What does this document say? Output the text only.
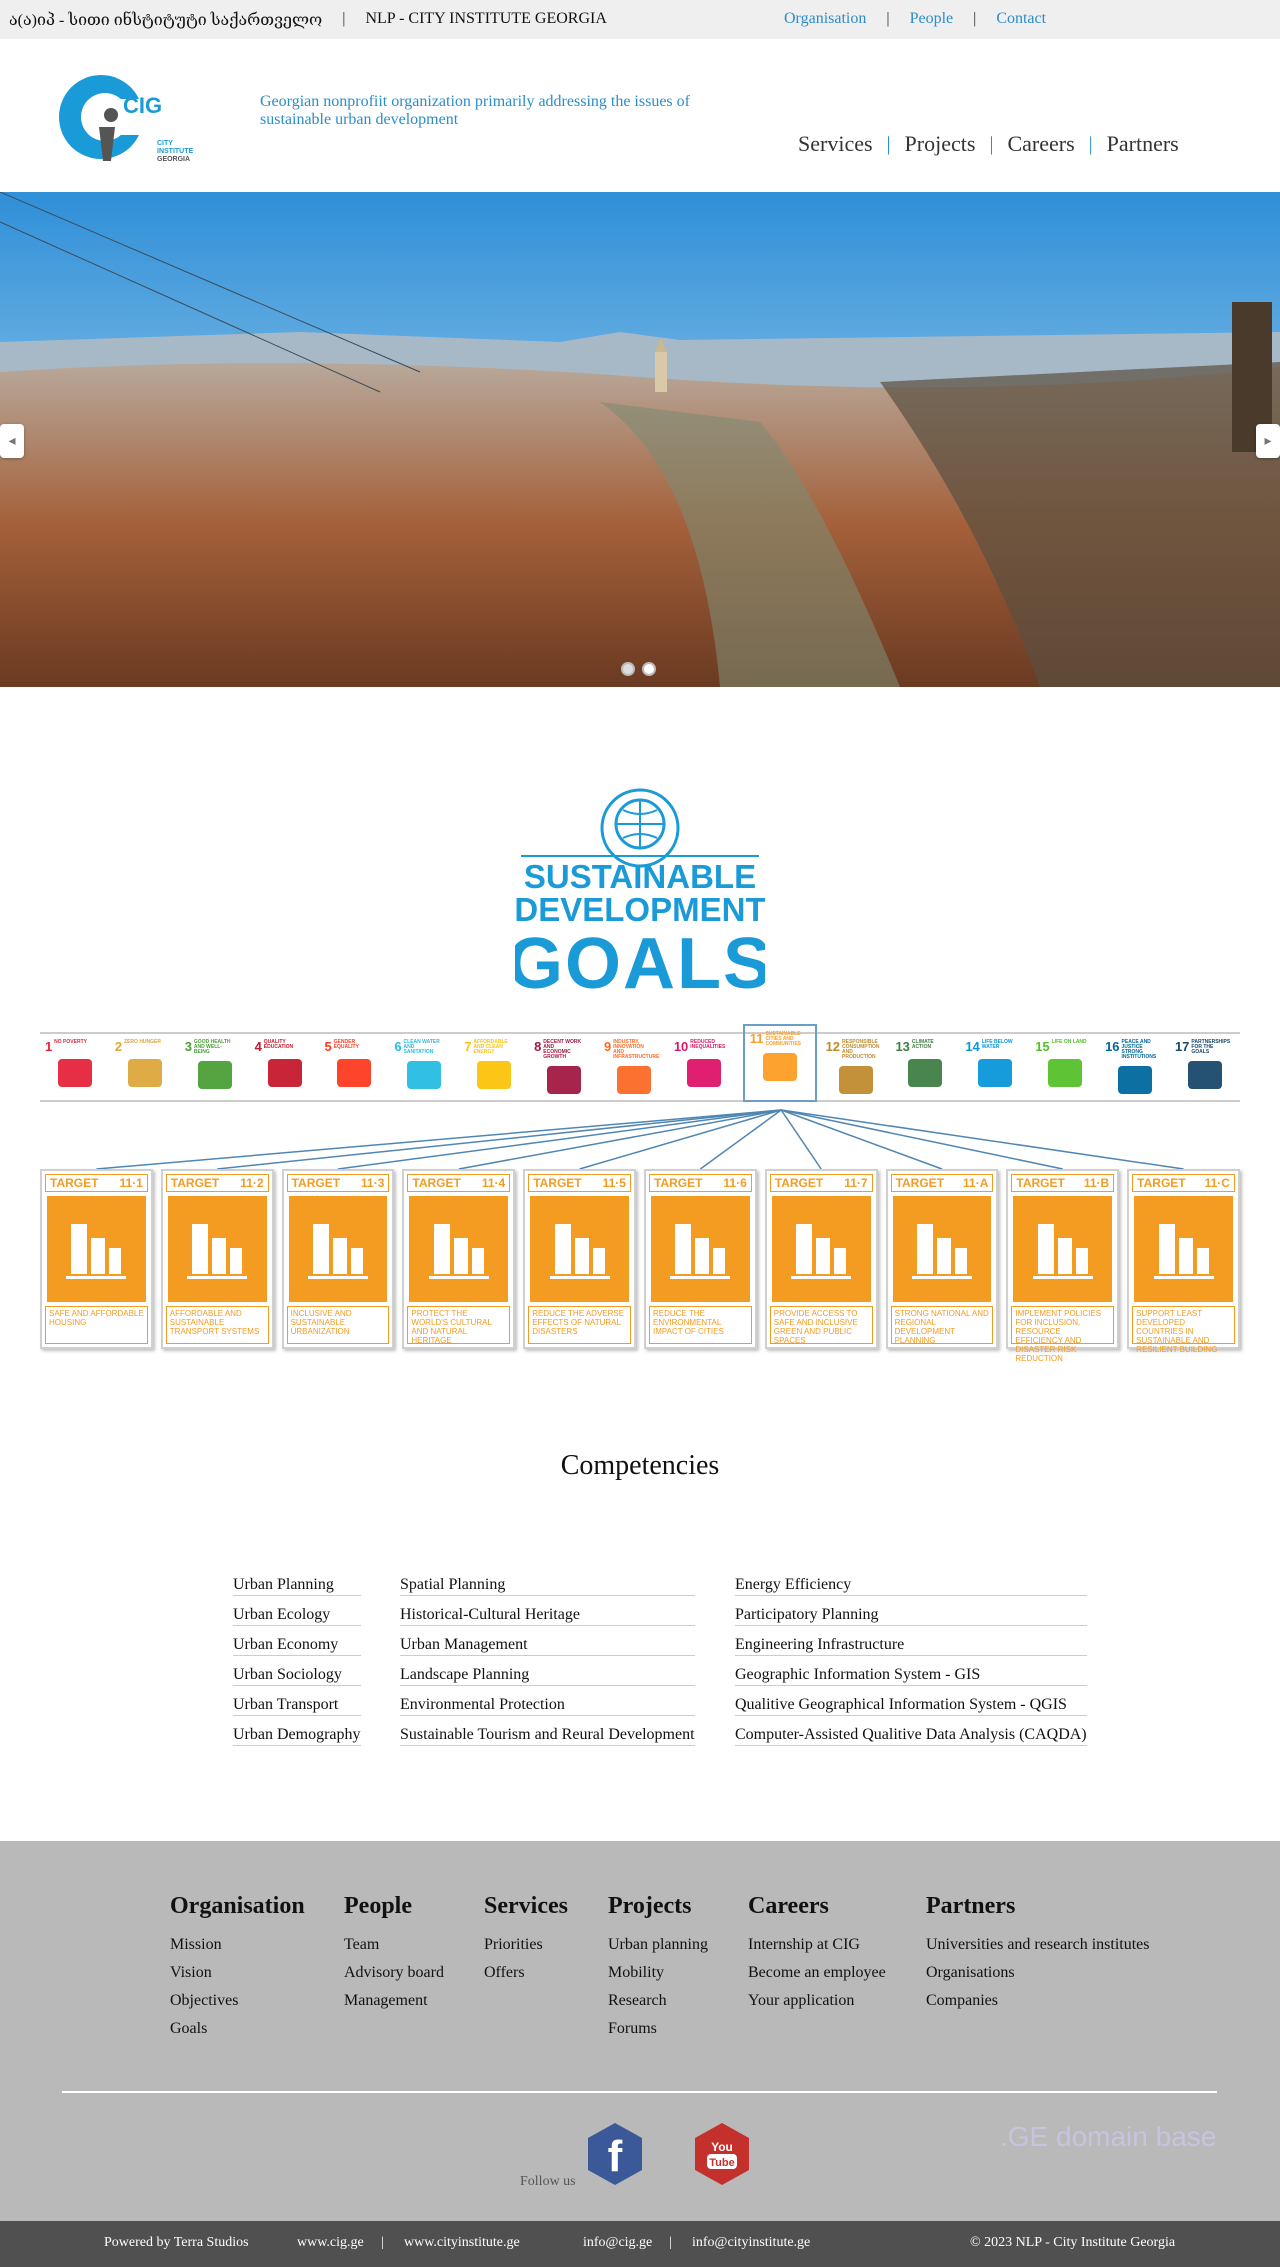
ა(ა)იპ - სითი ინსტიტუტი საქართველო | NLP - CITY INSTITUTE GEORGIA	Organisation | People | Contact
CIG
CITY
INSTITUTE
GEORGIA
Georgian nonprofiit organization primarily addressing the issues of sustainable urban development
Services | Projects | Careers | Partners
◂	▸
SUSTAINABLE
DEVELOPMENT
GOALS
1 NO POVERTY	2 ZERO HUNGER 3 GOOD HEALTH AND WELL-BEING	4 QUALITY EDUCATION	5 GENDER EQUALITY	6 CLEAN WATER AND SANITATION	7 AFFORDABLE AND CLEAN ENERGY	8 DECENT WORK AND ECONOMIC GROWTH
9 INDUSTRY, INNOVATION AND INFRASTRUCTURE
10 REDUCED INEQUALITIES
11 SUSTAINABLE CITIES AND COMMUNITIES 12 RESPONSIBLE CONSUMPTION AND PRODUCTION
13 CLIMATE ACTION	14 LIFE BELOW WATER	15 LIFE ON LAND 16 PEACE AND JUSTICE STRONG INSTITUTIONS
17 PARTNERSHIPS FOR THE GOALS
TARGET 11·1
SAFE AND AFFORDABLE HOUSING
TARGET 11·2
AFFORDABLE AND SUSTAINABLE TRANSPORT SYSTEMS
TARGET 11·3
INCLUSIVE AND SUSTAINABLE URBANIZATION
TARGET 11·4
PROTECT THE WORLD'S CULTURAL AND NATURAL HERITAGE
TARGET 11·5
REDUCE THE ADVERSE EFFECTS OF NATURAL DISASTERS
TARGET 11·6
REDUCE THE ENVIRONMENTAL IMPACT OF CITIES
TARGET 11·7
PROVIDE ACCESS TO SAFE AND INCLUSIVE GREEN AND PUBLIC SPACES
TARGET 11·A
STRONG NATIONAL AND REGIONAL DEVELOPMENT PLANNING
TARGET 11·B
IMPLEMENT POLICIES FOR INCLUSION, RESOURCE EFFICIENCY AND DISASTER RISK REDUCTION
TARGET 11·C
SUPPORT LEAST DEVELOPED COUNTRIES IN SUSTAINABLE AND RESILIENT BUILDING
Competencies
Urban Planning
Urban Ecology
Urban Economy
Urban Sociology
Urban Transport
Urban Demography
Spatial Planning
Historical-Cultural Heritage
Urban Management
Landscape Planning
Environmental Protection
Sustainable Tourism and Reural Development
Energy Efficiency
Participatory Planning
Engineering Infrastructure
Geographic Information System - GIS
Qualitive Geographical Information System - QGIS
Computer-Assisted Qualitive Data Analysis (CAQDA)
Organisation
Mission
Vision
Objectives
Goals
People
Team
Advisory board
Management
Services
Priorities
Offers
Projects
Urban planning
Mobility
Research
Forums
Careers
Internship at CIG
Become an employee
Your application
Partners
Universities and research institutes
Organisations
Companies
Follow us
f	You
Tube
.GE domain base
Powered by Terra Studios	www.cig.ge | www.cityinstitute.ge	info@cig.ge | info@cityinstitute.ge	© 2023 NLP - City Institute Georgia
